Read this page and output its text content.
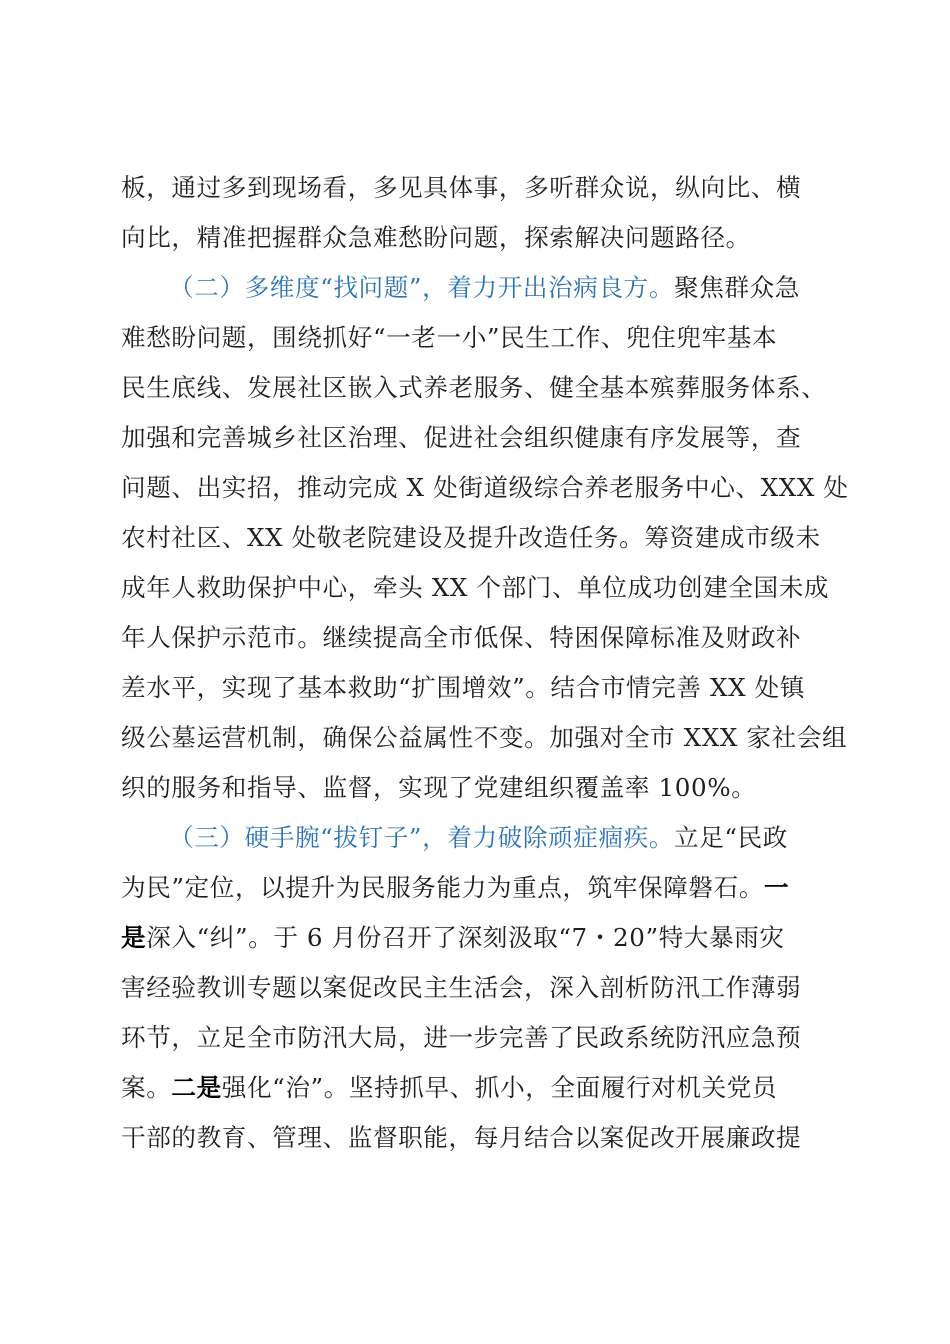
板，通过多到现场看，多见具体事，多听群众说，纵向比、横
向比，精准把握群众急难愁盼问题，探索解决问题路径。
（二）多维度“找问题”，着力开出治病良方。聚焦群众急
难愁盼问题，围绕抓好“一老一小”民生工作、兜住兜牢基本
民生底线、发展社区嵌入式养老服务、健全基本殡葬服务体系、
加强和完善城乡社区治理、促进社会组织健康有序发展等，查
问题、出实招，推动完成 X 处街道级综合养老服务中心、XXX 处
农村社区、XX 处敬老院建设及提升改造任务。筹资建成市级未
成年人救助保护中心，牵头 XX 个部门、单位成功创建全国未成
年人保护示范市。继续提高全市低保、特困保障标准及财政补
差水平，实现了基本救助“扩围增效”。结合市情完善 XX 处镇
级公墓运营机制，确保公益属性不变。加强对全市 XXX 家社会组
织的服务和指导、监督，实现了党建组织覆盖率 100%。
（三）硬手腕“拔钉子”，着力破除顽症痼疾。立足“民政
为民”定位，以提升为民服务能力为重点，筑牢保障磐石。一
是深入“纠”。于 6 月份召开了深刻汲取“7・20”特大暴雨灾
害经验教训专题以案促改民主生活会，深入剖析防汛工作薄弱
环节，立足全市防汛大局，进一步完善了民政系统防汛应急预
案。二是强化“治”。坚持抓早、抓小，全面履行对机关党员
干部的教育、管理、监督职能，每月结合以案促改开展廉政提
